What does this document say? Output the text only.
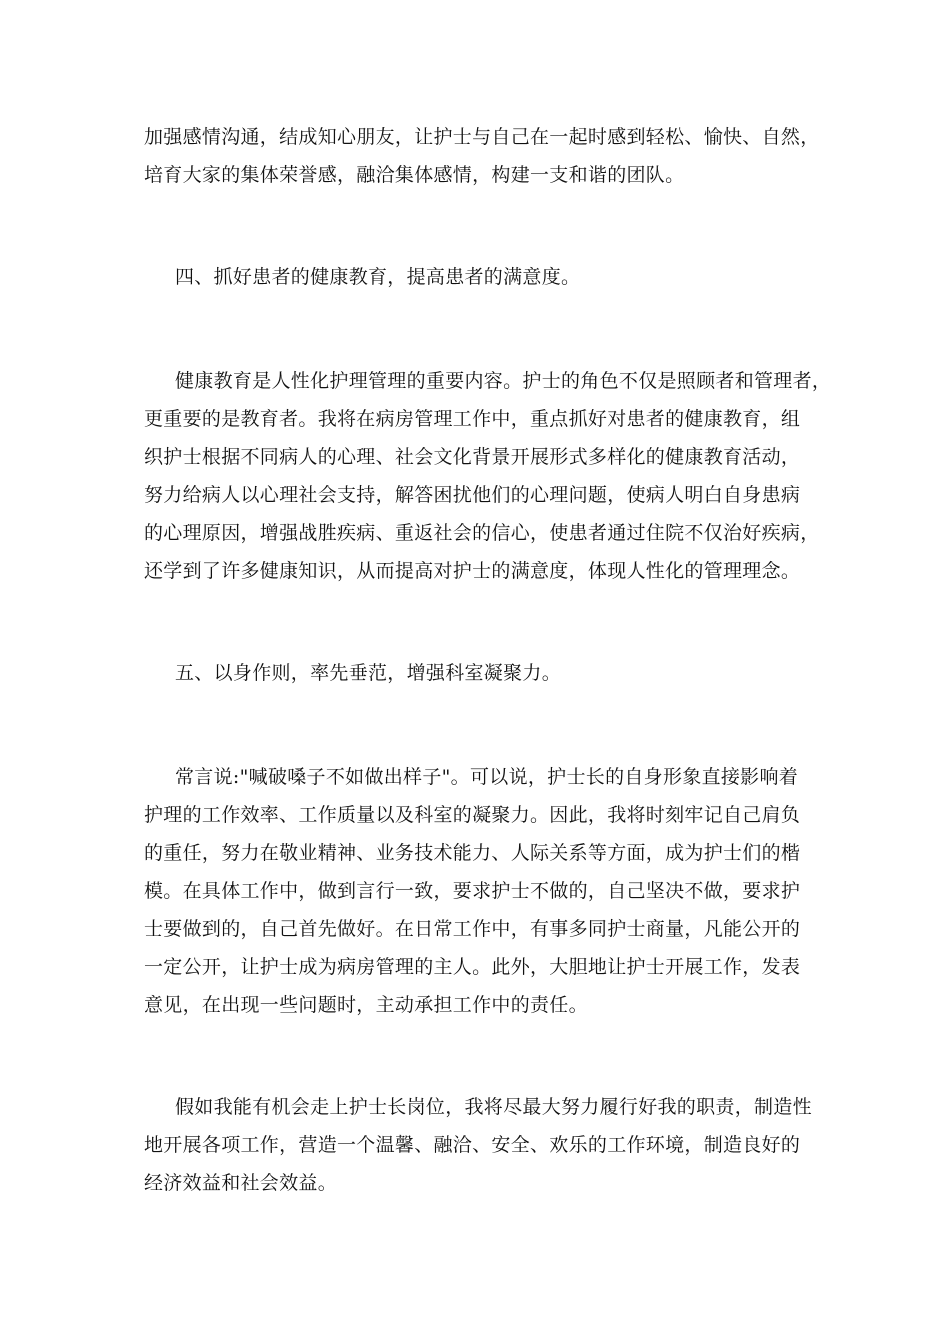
加强感情沟通，结成知心朋友，让护士与自己在一起时感到轻松、愉快、自然，
培育大家的集体荣誉感，融洽集体感情，构建一支和谐的团队。
四、抓好患者的健康教育，提高患者的满意度。
健康教育是人性化护理管理的重要内容。护士的角色不仅是照顾者和管理者，
更重要的是教育者。我将在病房管理工作中，重点抓好对患者的健康教育，组
织护士根据不同病人的心理、社会文化背景开展形式多样化的健康教育活动，
努力给病人以心理社会支持，解答困扰他们的心理问题，使病人明白自身患病
的心理原因，增强战胜疾病、重返社会的信心，使患者通过住院不仅治好疾病，
还学到了许多健康知识，从而提高对护士的满意度，体现人性化的管理理念。
五、以身作则，率先垂范，增强科室凝聚力。
常言说:"喊破嗓子不如做出样子"。可以说，护士长的自身形象直接影响着
护理的工作效率、工作质量以及科室的凝聚力。因此，我将时刻牢记自己肩负
的重任，努力在敬业精神、业务技术能力、人际关系等方面，成为护士们的楷
模。在具体工作中，做到言行一致，要求护士不做的，自己坚决不做，要求护
士要做到的，自己首先做好。在日常工作中，有事多同护士商量，凡能公开的
一定公开，让护士成为病房管理的主人。此外，大胆地让护士开展工作，发表
意见，在出现一些问题时，主动承担工作中的责任。
假如我能有机会走上护士长岗位，我将尽最大努力履行好我的职责，制造性
地开展各项工作，营造一个温馨、融洽、安全、欢乐的工作环境，制造良好的
经济效益和社会效益。
